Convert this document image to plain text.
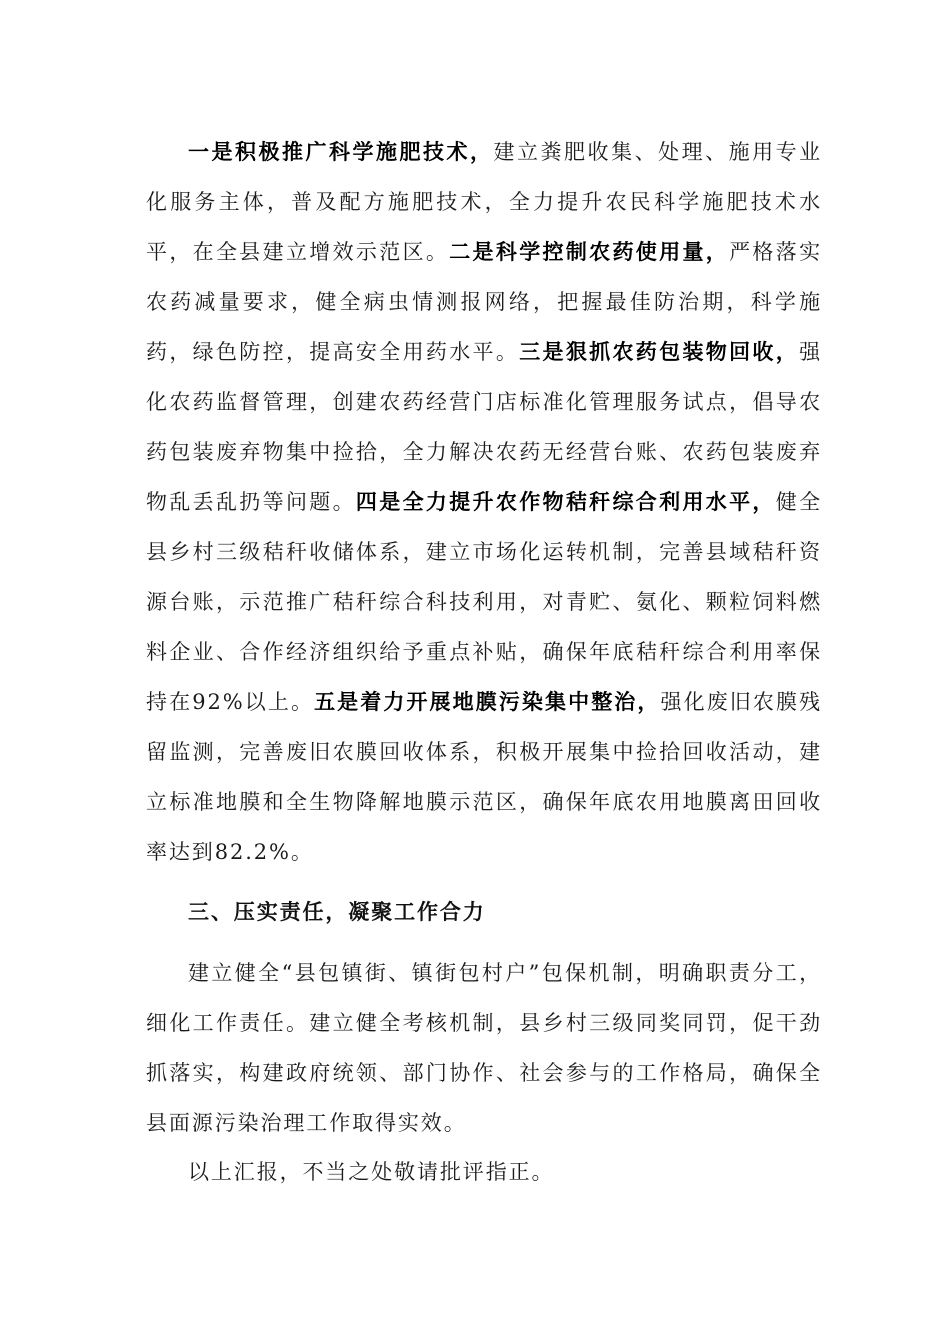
一是积极推广科学施肥技术，建立粪肥收集、处理、施用专业化服务主体，普及配方施肥技术，全力提升农民科学施肥技术水平，在全县建立增效示范区。二是科学控制农药使用量，严格落实农药减量要求，健全病虫情测报网络，把握最佳防治期，科学施药，绿色防控，提高安全用药水平。三是狠抓农药包装物回收，强化农药监督管理，创建农药经营门店标准化管理服务试点，倡导农药包装废弃物集中捡拾，全力解决农药无经营台账、农药包装废弃物乱丢乱扔等问题。四是全力提升农作物秸秆综合利用水平，健全县乡村三级秸秆收储体系，建立市场化运转机制，完善县域秸秆资源台账，示范推广秸秆综合科技利用，对青贮、氨化、颗粒饲料燃料企业、合作经济组织给予重点补贴，确保年底秸秆综合利用率保持在92%以上。五是着力开展地膜污染集中整治，强化废旧农膜残留监测，完善废旧农膜回收体系，积极开展集中捡拾回收活动，建立标准地膜和全生物降解地膜示范区，确保年底农用地膜离田回收率达到82.2%。

三、压实责任，凝聚工作合力

建立健全“县包镇街、镇街包村户”包保机制，明确职责分工，细化工作责任。建立健全考核机制，县乡村三级同奖同罚，促干劲抓落实，构建政府统领、部门协作、社会参与的工作格局，确保全县面源污染治理工作取得实效。

以上汇报，不当之处敬请批评指正。
